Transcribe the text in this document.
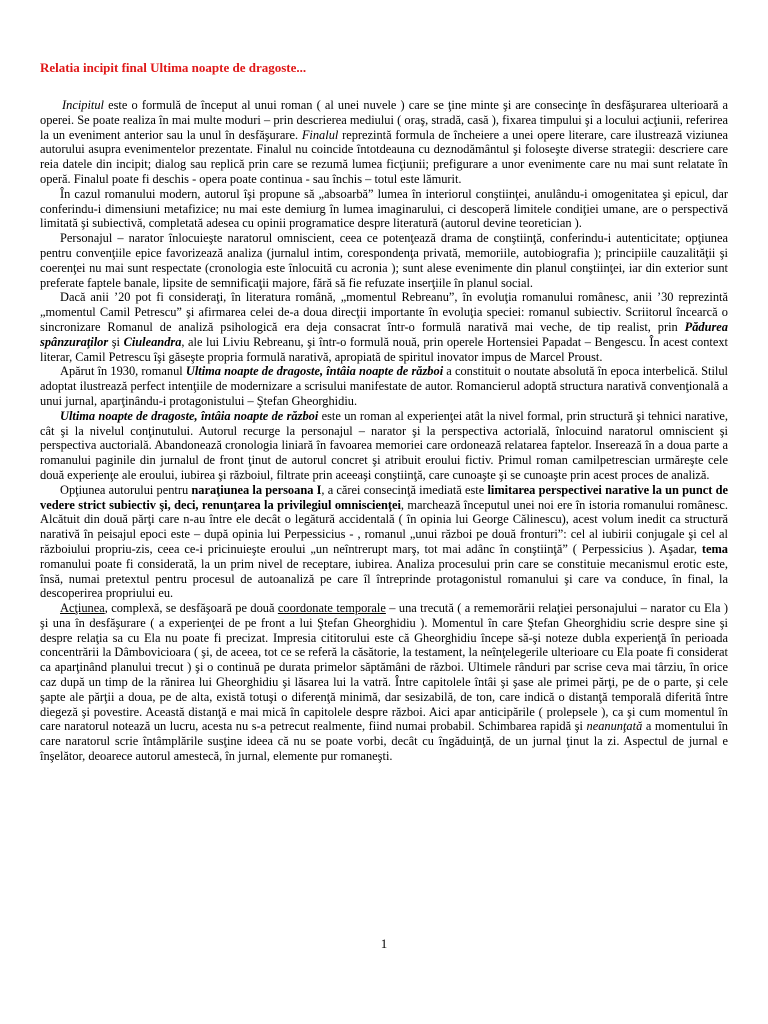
Relatia incipit final Ultima noapte de dragoste...

Incipitul este o formulă de început al unui roman ( al unei nuvele ) care se ţine minte şi are consecinţe în desfăşurarea ulterioară a operei. Se poate realiza în mai multe moduri – prin descrierea mediului ( oraş, stradă, casă ), fixarea timpului şi a locului acţiunii, referirea la un eveniment anterior sau la unul în desfăşurare. Finalul reprezintă formula de încheiere a unei opere literare, care ilustrează viziunea autorului asupra evenimentelor prezentate. Finalul nu coincide întotdeauna cu deznodământul şi foloseşte diverse strategii: descriere care reia datele din incipit; dialog sau replică prin care se rezumă lumea ficţiunii; prefigurare a unor evenimente care nu mai sunt relatate în operă. Finalul poate fi deschis - opera poate continua - sau închis – totul este lămurit.

În cazul romanului modern, autorul îşi propune să „absoarbă” lumea în interiorul conştiinţei, anulându-i omogenitatea şi epicul, dar conferindu-i dimensiuni metafizice; nu mai este demiurg în lumea imaginarului, ci descoperă limitele condiţiei umane, are o perspectivă limitată şi subiectivă, completată adesea cu opinii programatice despre literatură (autorul devine teoretician ).

Personajul – narator înlocuieşte naratorul omniscient, ceea ce potenţează drama de conştiinţă, conferindu-i autenticitate; opţiunea pentru convenţiile epice favorizează analiza (jurnalul intim, corespondenţa privată, memoriile, autobiografia ); principiile cauzalităţii şi coerenţei nu mai sunt respectate (cronologia este înlocuită cu acronia ); sunt alese evenimente din planul conştiinţei, iar din exterior sunt preferate faptele banale, lipsite de semnificaţii majore, fără să fie refuzate inserţiile în planul social.

Dacă anii ’20 pot fi consideraţi, în literatura română, „momentul Rebreanu”, în evoluţia romanului românesc, anii ’30 reprezintă „momentul Camil Petrescu” şi afirmarea celei de-a doua direcţii importante în evoluţia speciei: romanul subiectiv. Scriitorul încearcă o sincronizare Romanul de analiză psihologică era deja consacrat într-o formulă narativă mai veche, de tip realist, prin Pădurea spânzuraţilor şi Ciuleandra, ale lui Liviu Rebreanu, şi într-o formulă nouă, prin operele Hortensiei Papadat – Bengescu. În acest context literar, Camil Petrescu îşi găseşte propria formulă narativă, apropiată de spiritul inovator impus de Marcel Proust.

Apărut în 1930, romanul Ultima noapte de dragoste, întâia noapte de război a constituit o noutate absolută în epoca interbelică. Stilul adoptat ilustrează perfect intenţiile de modernizare a scrisului manifestate de autor. Romancierul adoptă structura narativă convenţională a unui jurnal, aparţinându-i protagonistului – Ştefan Gheorghidiu.

Ultima noapte de dragoste, întâia noapte de război este un roman al experienţei atât la nivel formal, prin structură şi tehnici narative, cât şi la nivelul conţinutului. Autorul recurge la personajul – narator şi la perspectiva actorială, înlocuind naratorul omniscient şi perspectiva auctorială. Abandonează cronologia liniară în favoarea memoriei care ordonează relatarea faptelor. Inserează în a doua parte a romanului paginile din jurnalul de front ţinut de autorul concret şi atribuit eroului fictiv. Primul roman camilpetrescian urmăreşte cele două experienţe ale eroului, iubirea şi războiul, filtrate prin aceeaşi conştiinţă, care cunoaşte şi se cunoaşte prin acest proces de analiză.

Opţiunea autorului pentru naraţiunea la persoana I, a cărei consecinţă imediată este limitarea perspectivei narative la un punct de vedere strict subiectiv şi, deci, renunţarea la privilegiul omniscienţei, marchează începutul unei noi ere în istoria romanului românesc. Alcătuit din două părţi care n-au între ele decât o legătură accidentală ( în opinia lui George Călinescu), acest volum inedit ca structură narativă în peisajul epoci este – după opinia lui Perpessicius - , romanul „unui război pe două fronturi”: cel al iubirii conjugale şi cel al războiului propriu-zis, ceea ce-i pricinuieşte eroului „un neîntrerupt marş, tot mai adânc în conştiinţă” ( Perpessicius ). Aşadar, tema romanului poate fi considerată, la un prim nivel de receptare, iubirea. Analiza procesului prin care se constituie mecanismul erotic este, însă, numai pretextul pentru procesul de autoanaliză pe care îl întreprinde protagonistul romanului şi care va conduce, în final, la descoperirea propriului eu.

Acţiunea, complexă, se desfăşoară pe două coordonate temporale – una trecută ( a rememorării relaţiei personajului – narator cu Ela ) şi una în desfăşurare ( a experienţei de pe front a lui Ştefan Gheorghidiu ). Momentul în care Ştefan Gheorghidiu scrie despre sine şi despre relaţia sa cu Ela nu poate fi precizat. Impresia cititorului este că Gheorghidiu începe să-şi noteze dubla experienţă în perioada concentrării la Dâmbovicioara ( şi, de aceea, tot ce se referă la căsătorie, la testament, la neînţelegerile ulterioare cu Ela poate fi considerat ca aparţinând planului trecut ) şi o continuă pe durata primelor săptămâni de război. Ultimele rânduri par scrise ceva mai târziu, în orice caz după un timp de la rănirea lui Gheorghidiu şi lăsarea lui la vatră. Între capitolele întâi şi şase ale primei părţi, pe de o parte, şi cele şapte ale părţii a doua, pe de alta, există totuşi o diferenţă minimă, dar sesizabilă, de ton, care indică o distanţă temporală diferită între diegeză şi povestire. Această distanţă e mai mică în capitolele despre război. Aici apar anticipările ( prolepsele ), ca şi cum momentul în care naratorul notează un lucru, acesta nu s-a petrecut realmente, fiind numai probabil. Schimbarea rapidă şi neanunţată a momentului în care naratorul scrie întâmplările susţine ideea că nu se poate vorbi, decât cu îngăduinţă, de un jurnal ţinut la zi. Aspectul de jurnal e înşelător, deoarece autorul amestecă, în jurnal, elemente pur romaneşti.

1
